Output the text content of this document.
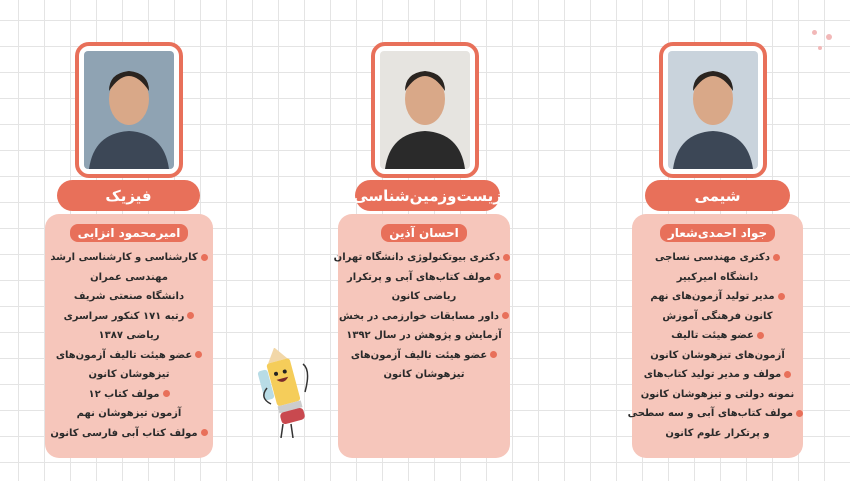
فیزیک
امیرمحمود انزابی
کارشناسی و کارشناسی ارشد
مهندسی عمران
دانشگاه صنعتی شریف
رتبه ۱۷۱ کنکور سراسری
ریاضی ۱۳۸۷
عضو هیئت تالیف آزمون‌های
تیزهوشان کانون
مولف کتاب ۱۲
آزمون تیزهوشان نهم
مولف کتاب آبی فارسی کانون
زیست‌وزمین‌شناسی
احسان آذین
دکتری بیوتکنولوژی دانشگاه تهران
مولف کتاب‌های آبی و پرتکرار
ریاضی کانون
داور مسابقات خوارزمی در بخش
آزمایش و پژوهش در سال ۱۳۹۲
عضو هیئت تالیف آزمون‌های
تیزهوشان کانون
شیمی
جواد احمدی‌شعار
دکتری مهندسی نساجی
دانشگاه امیرکبیر
مدیر تولید آزمون‌های نهم
کانون فرهنگی آموزش
عضو هیئت تالیف
آزمون‌های تیزهوشان کانون
مولف و مدیر تولید کتاب‌های
نمونه دولتی و تیزهوشان کانون
مولف کتاب‌های آبی و سه سطحی
و پرتکرار علوم کانون
